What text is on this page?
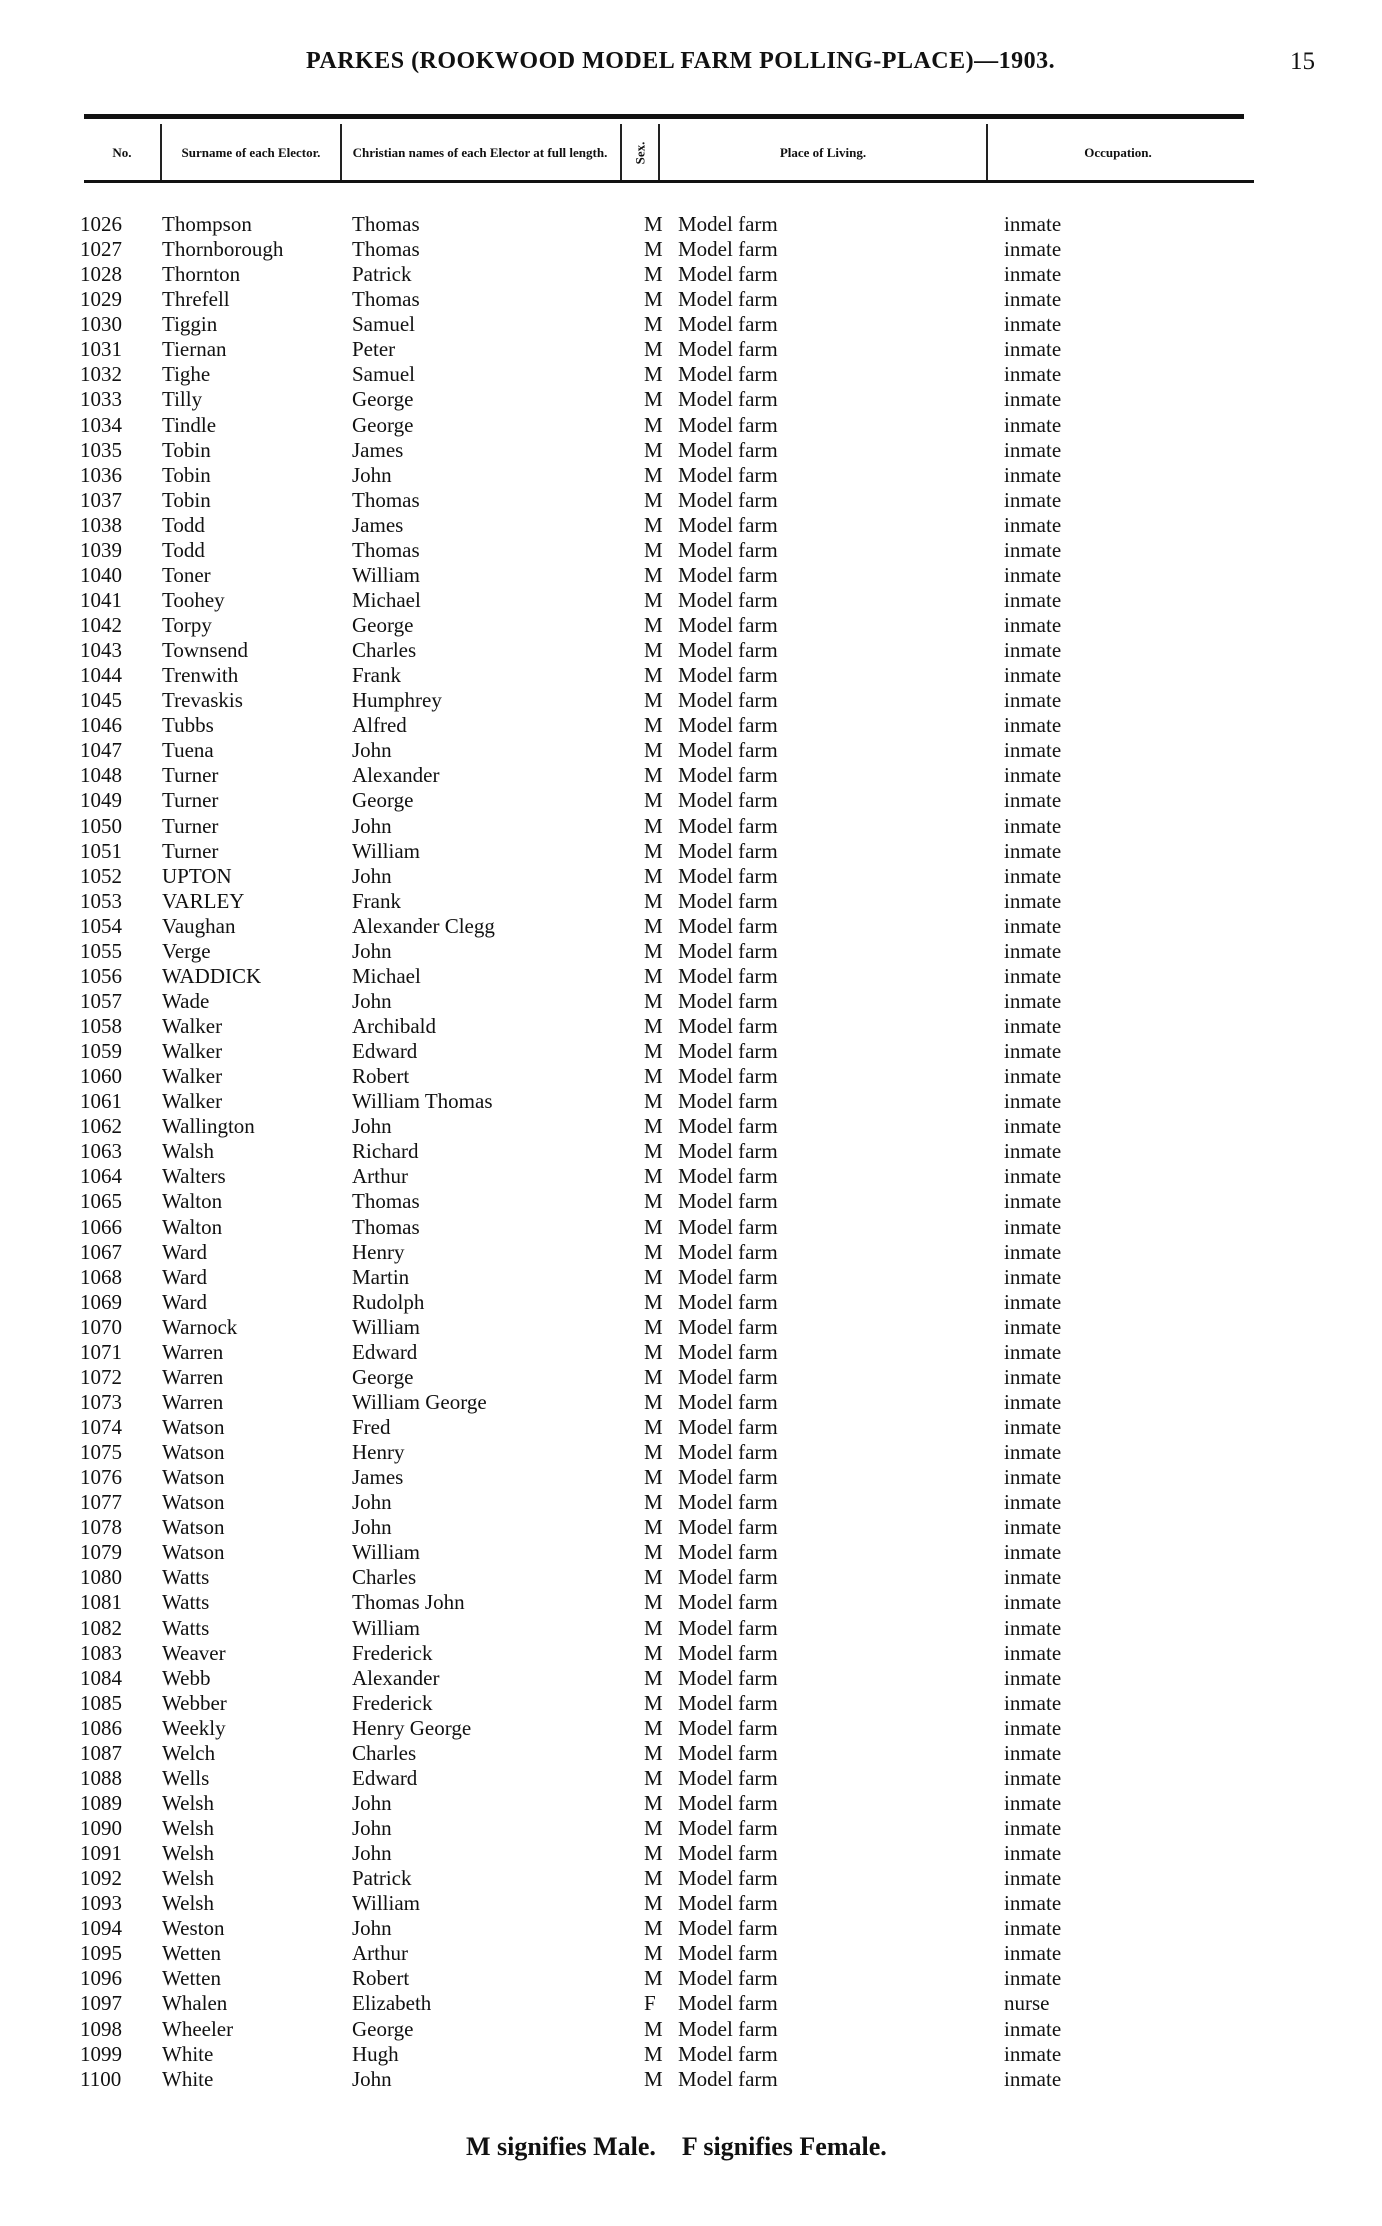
PARKES (ROOKWOOD MODEL FARM POLLING-PLACE)—1903.	15
No.	Surname of each Elector.	Christian names of each Elector at full length.	Sex.	Place of Living.	Occupation.
1026 Thompson	Thomas	M Model farm	inmate
1027 Thornborough	Thomas	M Model farm	inmate
1028 Thornton	Patrick	M Model farm	inmate
1029 Threfell	Thomas	M Model farm	inmate
1030 Tiggin	Samuel	M Model farm	inmate
1031 Tiernan	Peter	M Model farm	inmate
1032 Tighe	Samuel	M Model farm	inmate
1033 Tilly	George	M Model farm	inmate
1034 Tindle	George	M Model farm	inmate
1035 Tobin	James	M Model farm	inmate
1036 Tobin	John	M Model farm	inmate
1037 Tobin	Thomas	M Model farm	inmate
1038 Todd	James	M Model farm	inmate
1039 Todd	Thomas	M Model farm	inmate
1040 Toner	William	M Model farm	inmate
1041 Toohey	Michael	M Model farm	inmate
1042 Torpy	George	M Model farm	inmate
1043 Townsend	Charles	M Model farm	inmate
1044 Trenwith	Frank	M Model farm	inmate
1045 Trevaskis	Humphrey	M Model farm	inmate
1046 Tubbs	Alfred	M Model farm	inmate
1047 Tuena	John	M Model farm	inmate
1048 Turner	Alexander	M Model farm	inmate
1049 Turner	George	M Model farm	inmate
1050 Turner	John	M Model farm	inmate
1051 Turner	William	M Model farm	inmate
1052 UPTON	John	M Model farm	inmate
1053 VARLEY	Frank	M Model farm	inmate
1054 Vaughan	Alexander Clegg	M Model farm	inmate
1055 Verge	John	M Model farm	inmate
1056 WADDICK	Michael	M Model farm	inmate
1057 Wade	John	M Model farm	inmate
1058 Walker	Archibald	M Model farm	inmate
1059 Walker	Edward	M Model farm	inmate
1060 Walker	Robert	M Model farm	inmate
1061 Walker	William Thomas	M Model farm	inmate
1062 Wallington	John	M Model farm	inmate
1063 Walsh	Richard	M Model farm	inmate
1064 Walters	Arthur	M Model farm	inmate
1065 Walton	Thomas	M Model farm	inmate
1066 Walton	Thomas	M Model farm	inmate
1067 Ward	Henry	M Model farm	inmate
1068 Ward	Martin	M Model farm	inmate
1069 Ward	Rudolph	M Model farm	inmate
1070 Warnock	William	M Model farm	inmate
1071 Warren	Edward	M Model farm	inmate
1072 Warren	George	M Model farm	inmate
1073 Warren	William George	M Model farm	inmate
1074 Watson	Fred	M Model farm	inmate
1075 Watson	Henry	M Model farm	inmate
1076 Watson	James	M Model farm	inmate
1077 Watson	John	M Model farm	inmate
1078 Watson	John	M Model farm	inmate
1079 Watson	William	M Model farm	inmate
1080 Watts	Charles	M Model farm	inmate
1081 Watts	Thomas John	M Model farm	inmate
1082 Watts	William	M Model farm	inmate
1083 Weaver	Frederick	M Model farm	inmate
1084 Webb	Alexander	M Model farm	inmate
1085 Webber	Frederick	M Model farm	inmate
1086 Weekly	Henry George	M Model farm	inmate
1087 Welch	Charles	M Model farm	inmate
1088 Wells	Edward	M Model farm	inmate
1089 Welsh	John	M Model farm	inmate
1090 Welsh	John	M Model farm	inmate
1091 Welsh	John	M Model farm	inmate
1092 Welsh	Patrick	M Model farm	inmate
1093 Welsh	William	M Model farm	inmate
1094 Weston	John	M Model farm	inmate
1095 Wetten	Arthur	M Model farm	inmate
1096 Wetten	Robert	M Model farm	inmate
1097 Whalen	Elizabeth	F Model farm	nurse
1098 Wheeler	George	M Model farm	inmate
1099 White	Hugh	M Model farm	inmate
1100 White	John	M Model farm	inmate
M signifies Male. F signifies Female.
